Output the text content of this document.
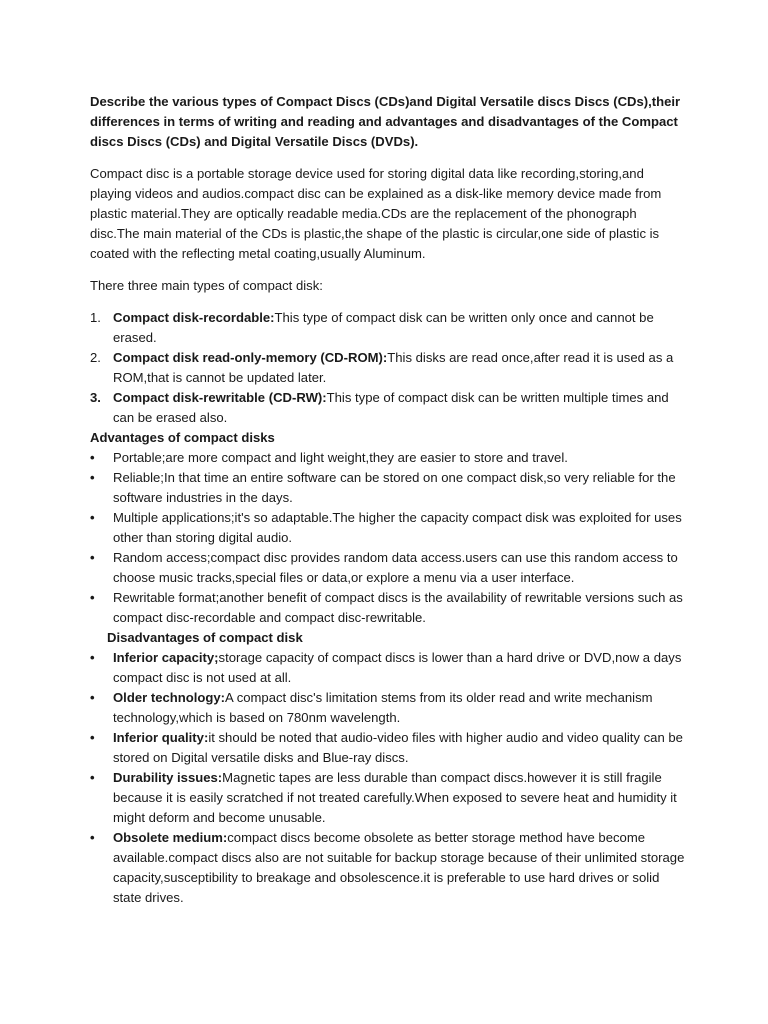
Describe the various types of Compact Discs (CDs)and Digital Versatile discs Discs (CDs),their differences in terms of writing and reading and advantages and disadvantages of the Compact discs Discs (CDs) and Digital Versatile Discs (DVDs).

Compact disc is a portable storage device used for storing digital data like recording,storing,and playing videos and audios.compact disc can be explained as a disk-like memory device made from plastic material.They are optically readable media.CDs are the replacement of the phonograph disc.The main material of the CDs is plastic,the shape of the plastic is circular,one side of plastic is coated with the reflecting metal coating,usually Aluminum.

There three main types of compact disk:

1. Compact disk-recordable:This type of compact disk can be written only once and cannot be erased.
2. Compact disk read-only-memory (CD-ROM):This disks are read once,after read it is used as a ROM,that is cannot be updated later.
3. Compact disk-rewritable (CD-RW):This type of compact disk can be written multiple times and can be erased also.

Advantages of compact disks

• Portable;are more compact and light weight,they are easier to store and travel.
• Reliable;In that time an entire software can be stored on one compact disk,so very reliable for the software industries in the days.
• Multiple applications;it's so adaptable.The higher the capacity compact disk was exploited for uses other than storing digital audio.
• Random access;compact disc provides random data access.users can use this random access to choose music tracks,special files or data,or explore a menu via a user interface.
• Rewritable format;another benefit of compact discs is the availability of rewritable versions such as compact disc-recordable and compact disc-rewritable.

Disadvantages of compact disk

• Inferior capacity;storage capacity of compact discs is lower than a hard drive or DVD,now a days compact disc is not used at all.
• Older technology:A compact disc's limitation stems from its older read and write mechanism technology,which is based on 780nm wavelength.
• Inferior quality:it should be noted that audio-video files with higher audio and video quality can be stored on Digital versatile disks and Blue-ray discs.
• Durability issues:Magnetic tapes are less durable than compact discs.however it is still fragile because it is easily scratched if not treated carefully.When exposed to severe heat and humidity it might deform and become unusable.
• Obsolete medium:compact discs become obsolete as better storage method have become available.compact discs also are not suitable for backup storage because of their unlimited storage capacity,susceptibility to breakage and obsolescence.it is preferable to use hard drives or solid state drives.
